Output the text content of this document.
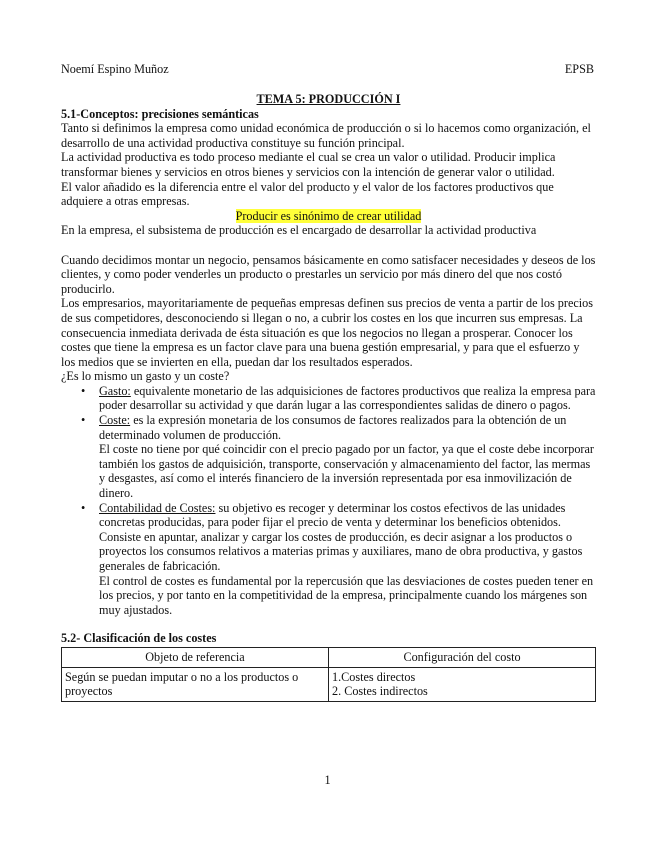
Noemí Espino Muñoz	EPSB

TEMA 5: PRODUCCIÓN I

5.1-Conceptos: precisiones semánticas

Tanto si definimos la empresa como unidad económica de producción o si lo hacemos como organización, el desarrollo de una actividad productiva constituye su función principal.

La actividad productiva es todo proceso mediante el cual se crea un valor o utilidad. Producir implica transformar bienes y servicios en otros bienes y servicios con la intención de generar valor o utilidad.

El valor añadido es la diferencia entre el valor del producto y el valor de los factores productivos que adquiere a otras empresas.

Producir es sinónimo de crear utilidad

En la empresa, el subsistema de producción es el encargado de desarrollar la actividad productiva

Cuando decidimos montar un negocio, pensamos básicamente en como satisfacer necesidades y deseos de los clientes, y como poder venderles un producto o prestarles un servicio por más dinero del que nos costó producirlo.

Los empresarios, mayoritariamente de pequeñas empresas definen sus precios de venta a partir de los precios de sus competidores, desconociendo si llegan o no, a cubrir los costes en los que incurren sus empresas. La consecuencia inmediata derivada de ésta situación es que los negocios no llegan a prosperar. Conocer los costes que tiene la empresa es un factor clave para una buena gestión empresarial, y para que el esfuerzo y los medios que se invierten en ella, puedan dar los resultados esperados.

¿Es lo mismo un gasto y un coste?

• Gasto: equivalente monetario de las adquisiciones de factores productivos que realiza la empresa para poder desarrollar su actividad y que darán lugar a las correspondientes salidas de dinero o pagos.

• Coste: es la expresión monetaria de los consumos de factores realizados para la obtención de un determinado volumen de producción.

El coste no tiene por qué coincidir con el precio pagado por un factor, ya que el coste debe incorporar también los gastos de adquisición, transporte, conservación y almacenamiento del factor, las mermas y desgastes, así como el interés financiero de la inversión representada por esa inmovilización de dinero.

• Contabilidad de Costes: su objetivo es recoger y determinar los costos efectivos de las unidades concretas producidas, para poder fijar el precio de venta y determinar los beneficios obtenidos.

Consiste en apuntar, analizar y cargar los costes de producción, es decir asignar a los productos o proyectos los consumos relativos a materias primas y auxiliares, mano de obra productiva, y gastos generales de fabricación.

El control de costes es fundamental por la repercusión que las desviaciones de costes pueden tener en los precios, y por tanto en la competitividad de la empresa, principalmente cuando los márgenes son muy ajustados.

5.2- Clasificación de los costes

Objeto de referencia	Configuración del costo
Según se puedan imputar o no a los productos o proyectos	1.Costes directos
2. Costes indirectos
1
